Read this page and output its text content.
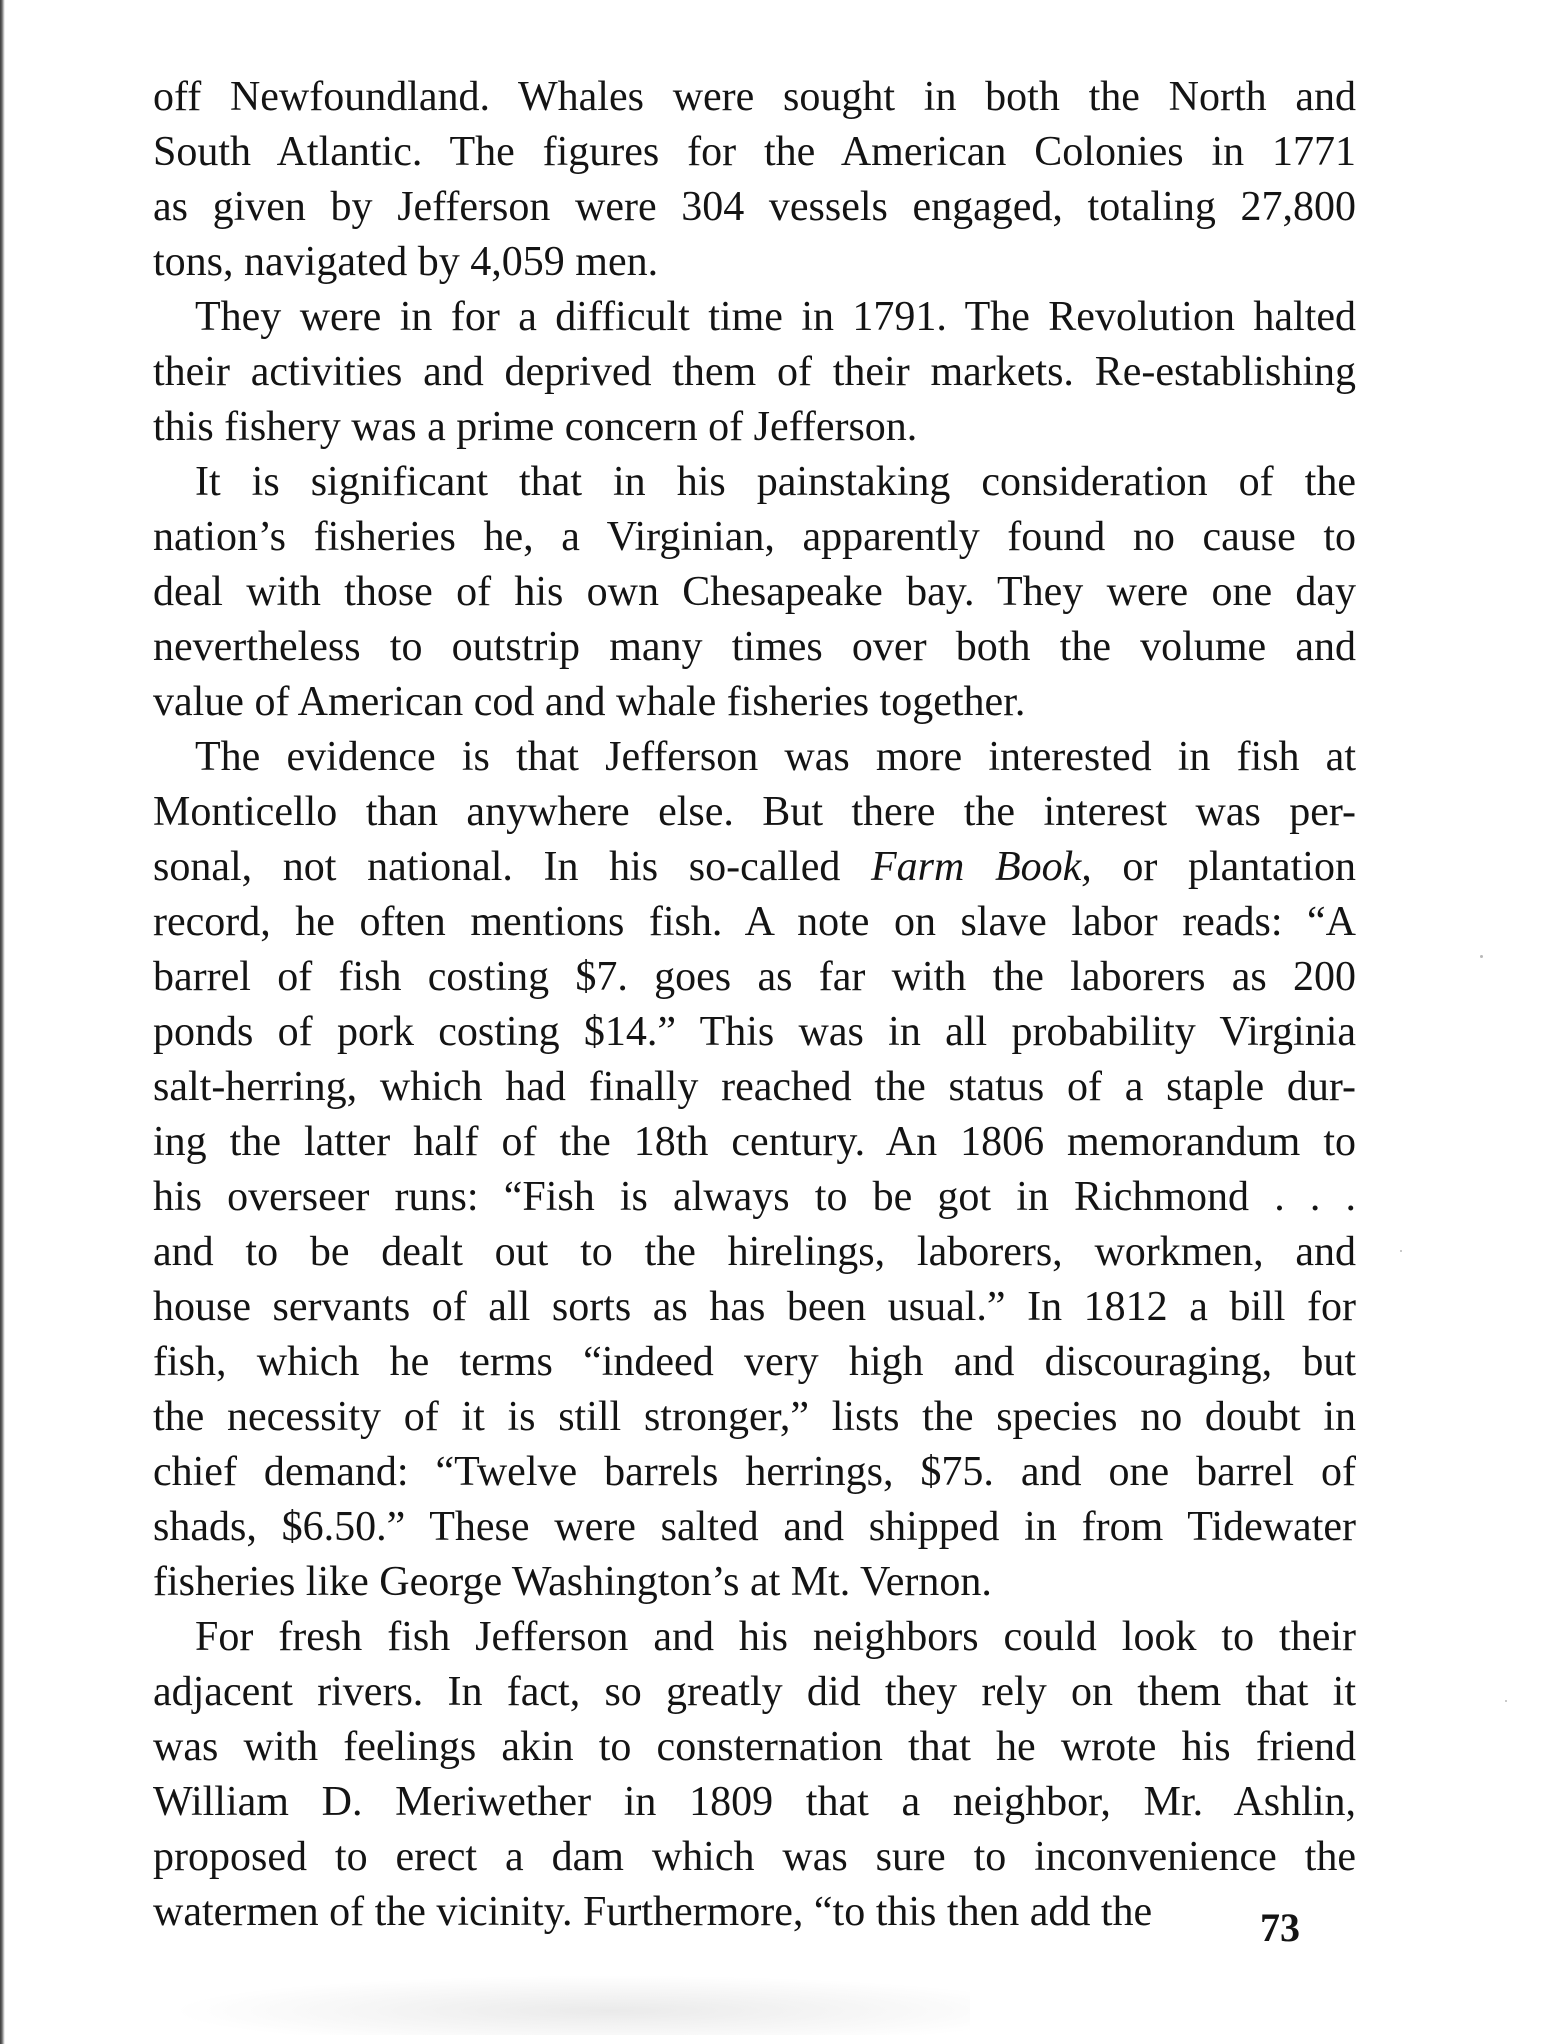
off Newfoundland. Whales were sought in both the North and
South Atlantic. The figures for the American Colonies in 1771
as given by Jefferson were 304 vessels engaged, totaling 27,800
tons, navigated by 4,059 men.
They were in for a difficult time in 1791. The Revolution halted
their activities and deprived them of their markets. Re-establishing
this fishery was a prime concern of Jefferson.
It is significant that in his painstaking consideration of the
nation’s fisheries he, a Virginian, apparently found no cause to
deal with those of his own Chesapeake bay. They were one day
nevertheless to outstrip many times over both the volume and
value of American cod and whale fisheries together.
The evidence is that Jefferson was more interested in fish at
Monticello than anywhere else. But there the interest was per-
sonal, not national. In his so-called Farm Book, or plantation
record, he often mentions fish. A note on slave labor reads: “A
barrel of fish costing $7. goes as far with the laborers as 200
ponds of pork costing $14.” This was in all probability Virginia
salt-herring, which had finally reached the status of a staple dur-
ing the latter half of the 18th century. An 1806 memorandum to
his overseer runs: “Fish is always to be got in Richmond . . .
and to be dealt out to the hirelings, laborers, workmen, and
house servants of all sorts as has been usual.” In 1812 a bill for
fish, which he terms “indeed very high and discouraging, but
the necessity of it is still stronger,” lists the species no doubt in
chief demand: “Twelve barrels herrings, $75. and one barrel of
shads, $6.50.” These were salted and shipped in from Tidewater
fisheries like George Washington’s at Mt. Vernon.
For fresh fish Jefferson and his neighbors could look to their
adjacent rivers. In fact, so greatly did they rely on them that it
was with feelings akin to consternation that he wrote his friend
William D. Meriwether in 1809 that a neighbor, Mr. Ashlin,
proposed to erect a dam which was sure to inconvenience the
watermen of the vicinity. Furthermore, “to this then add the	73
